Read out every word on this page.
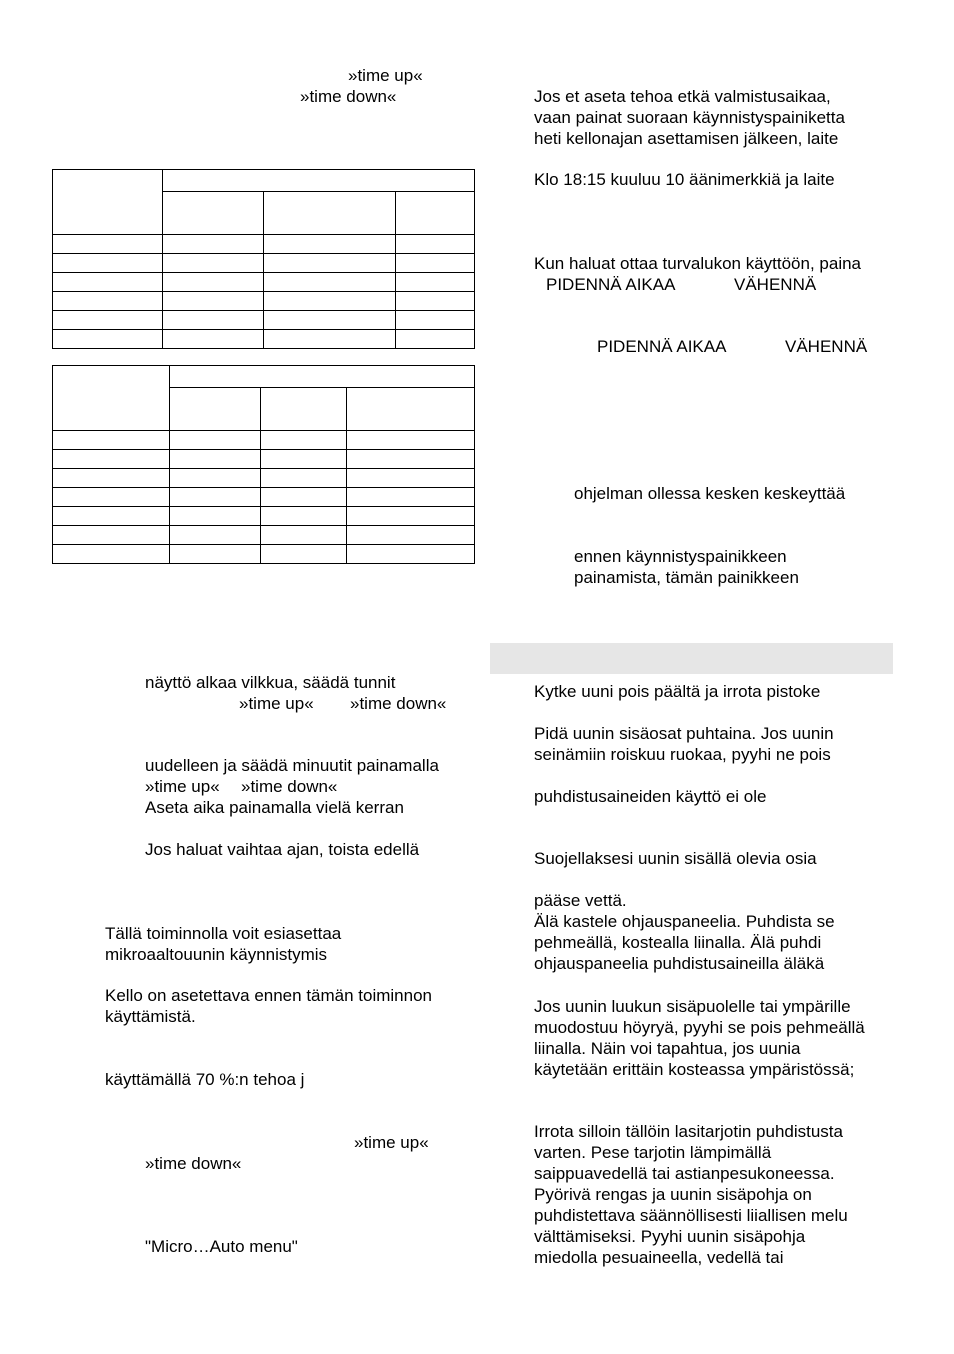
»time up«
»time down«

näyttö alkaa vilkkua, säädä tunnit
»time up« »time down«
uudelleen ja säädä minuutit painamalla
»time up« »time down«
Aseta aika painamalla vielä kerran
Jos haluat vaihtaa ajan, toista edellä
Tällä toiminnolla voit esiasettaa
mikroaaltouunin käynnistymis
Kello on asetettava ennen tämän toiminnon
käyttämistä.
käyttämällä 70 %:n tehoa j
»time up«
»time down«
"Micro…Auto menu"
Jos et aseta tehoa etkä valmistusaikaa,
vaan painat suoraan käynnistyspainiketta
heti kellonajan asettamisen jälkeen, laite
Klo 18:15 kuuluu 10 äänimerkkiä ja laite
Kun haluat ottaa turvalukon käyttöön, paina
PIDENNÄ AIKAA	VÄHENNÄ
PIDENNÄ AIKAA	VÄHENNÄ
ohjelman ollessa kesken keskeyttää
ennen käynnistyspainikkeen
painamista, tämän painikkeen
Kytke uuni pois päältä ja irrota pistoke
Pidä uunin sisäosat puhtaina. Jos uunin
seinämiin roiskuu ruokaa, pyyhi ne pois
puhdistusaineiden käyttö ei ole
Suojellaksesi uunin sisällä olevia osia
pääse vettä.
Älä kastele ohjauspaneelia. Puhdista se
pehmeällä, kostealla liinalla. Älä puhdi
ohjauspaneelia puhdistusaineilla äläkä
Jos uunin luukun sisäpuolelle tai ympärille
muodostuu höyryä, pyyhi se pois pehmeällä
liinalla. Näin voi tapahtua, jos uunia
käytetään erittäin kosteassa ympäristössä;
Irrota silloin tällöin lasitarjotin puhdistusta
varten. Pese tarjotin lämpimällä
saippuavedellä tai astianpesukoneessa.
Pyörivä rengas ja uunin sisäpohja on
puhdistettava säännöllisesti liiallisen melu
välttämiseksi. Pyyhi uunin sisäpohja
miedolla pesuaineella, vedellä tai
